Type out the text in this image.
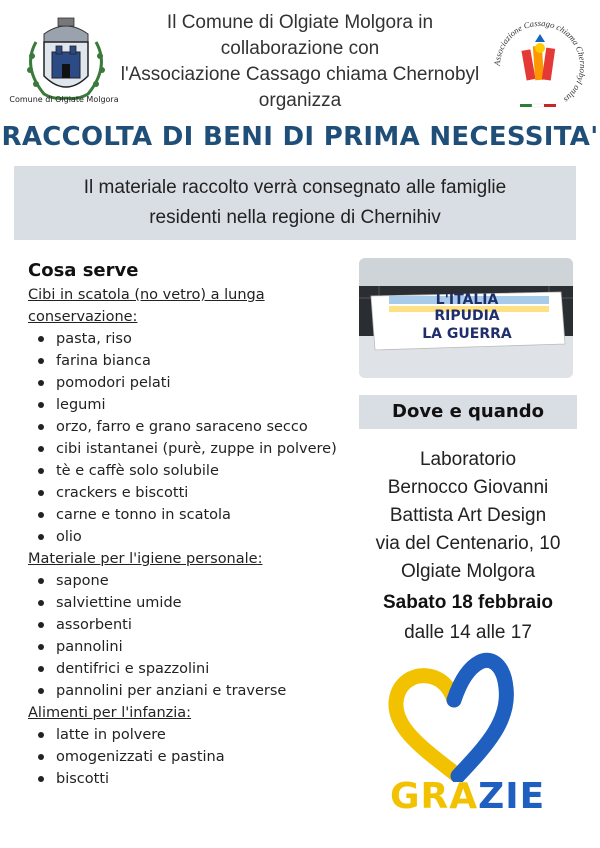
Comune di Olgiate Molgora
Il Comune di Olgiate Molgora in
collaborazione con
l'Associazione Cassago chiama Chernobyl
organizza
Associazione Cassago chiama Chernobyl onlus
RACCOLTA DI BENI DI PRIMA NECESSITA'
Il materiale raccolto verrà consegnato alle famiglie
residenti nella regione di Chernihiv
Cosa serve
Cibi in scatola (no vetro) a lunga
conservazione:
pasta, riso
farina bianca
pomodori pelati
legumi
orzo, farro e grano saraceno secco
cibi istantanei (purè, zuppe in polvere)
tè e caffè solo solubile
crackers e biscotti
carne e tonno in scatola
olio
Materiale per l'igiene personale:
sapone
salviettine umide
assorbenti
pannolini
dentifrici e spazzolini
pannolini per anziani e traverse
Alimenti per l'infanzia:
latte in polvere
omogenizzati e pastina
biscotti
L'ITALIA
RIPUDIA
LA GUERRA
Dove e quando
Laboratorio
Bernocco Giovanni
Battista Art Design
via del Centenario, 10
Olgiate Molgora
Sabato 18 febbraio
dalle 14 alle 17
GRAZIE
